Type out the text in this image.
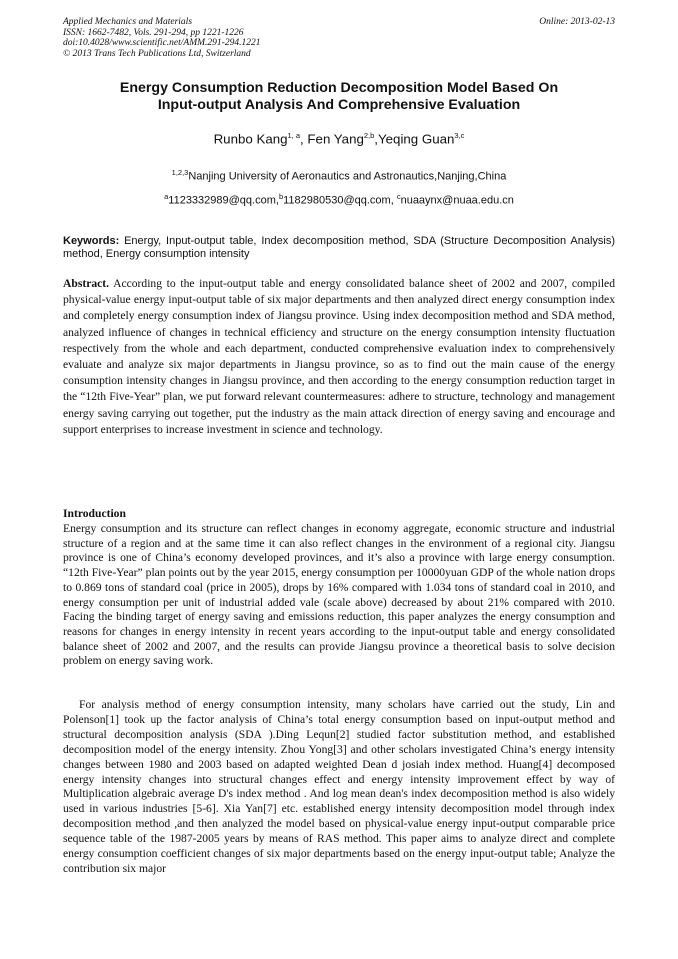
Applied Mechanics and Materials
ISSN: 1662-7482, Vols. 291-294, pp 1221-1226
doi:10.4028/www.scientific.net/AMM.291-294.1221
© 2013 Trans Tech Publications Ltd, Switzerland
Online: 2013-02-13
Energy Consumption Reduction Decomposition Model Based On
Input-output Analysis And Comprehensive Evaluation
Runbo Kang$^{1, a}$, Fen Yang$^{2,b}$,Yeqing Guan$^{3,c}$
$^{1,2,3}$Nanjing University of Aeronautics and Astronautics,Nanjing,China
$^a$1123332989@qq.com,$^b$1182980530@qq.com, $^c$nuaaynx@nuaa.edu.cn
Keywords: Energy, Input-output table, Index decomposition method, SDA (Structure Decomposition Analysis) method, Energy consumption intensity
Abstract. According to the input-output table and energy consolidated balance sheet of 2002 and 2007, compiled physical-value energy input-output table of six major departments and then analyzed direct energy consumption index and completely energy consumption index of Jiangsu province. Using index decomposition method and SDA method, analyzed influence of changes in technical efficiency and structure on the energy consumption intensity fluctuation respectively from the whole and each department, conducted comprehensive evaluation index to comprehensively evaluate and analyze six major departments in Jiangsu province, so as to find out the main cause of the energy consumption intensity changes in Jiangsu province, and then according to the energy consumption reduction target in the “12th Five-Year” plan, we put forward relevant countermeasures: adhere to structure, technology and management energy saving carrying out together, put the industry as the main attack direction of energy saving and encourage and support enterprises to increase investment in science and technology.
Introduction
Energy consumption and its structure can reflect changes in economy aggregate, economic structure and industrial structure of a region and at the same time it can also reflect changes in the environment of a regional city. Jiangsu province is one of China’s economy developed provinces, and it’s also a province with large energy consumption. “12th Five-Year” plan points out by the year 2015, energy consumption per 10000yuan GDP of the whole nation drops to 0.869 tons of standard coal (price in 2005), drops by 16% compared with 1.034 tons of standard coal in 2010, and energy consumption per unit of industrial added vale (scale above) decreased by about 21% compared with 2010. Facing the binding target of energy saving and emissions reduction, this paper analyzes the energy consumption and reasons for changes in energy intensity in recent years according to the input-output table and energy consolidated balance sheet of 2002 and 2007, and the results can provide Jiangsu province a theoretical basis to solve decision problem on energy saving work.
For analysis method of energy consumption intensity, many scholars have carried out the study, Lin and Polenson[1] took up the factor analysis of China’s total energy consumption based on input-output method and structural decomposition analysis (SDA ).Ding Lequn[2] studied factor substitution method, and established decomposition model of the energy intensity. Zhou Yong[3] and other scholars investigated China’s energy intensity changes between 1980 and 2003 based on adapted weighted Dean d josiah index method. Huang[4] decomposed energy intensity changes into structural changes effect and energy intensity improvement effect by way of Multiplication algebraic average D's index method . And log mean dean's index decomposition method is also widely used in various industries [5-6]. Xia Yan[7] etc. established energy intensity decomposition model through index decomposition method ,and then analyzed the model based on physical-value energy input-output comparable price sequence table of the 1987-2005 years by means of RAS method. This paper aims to analyze direct and complete energy consumption coefficient changes of six major departments based on the energy input-output table; Analyze the contribution six major
